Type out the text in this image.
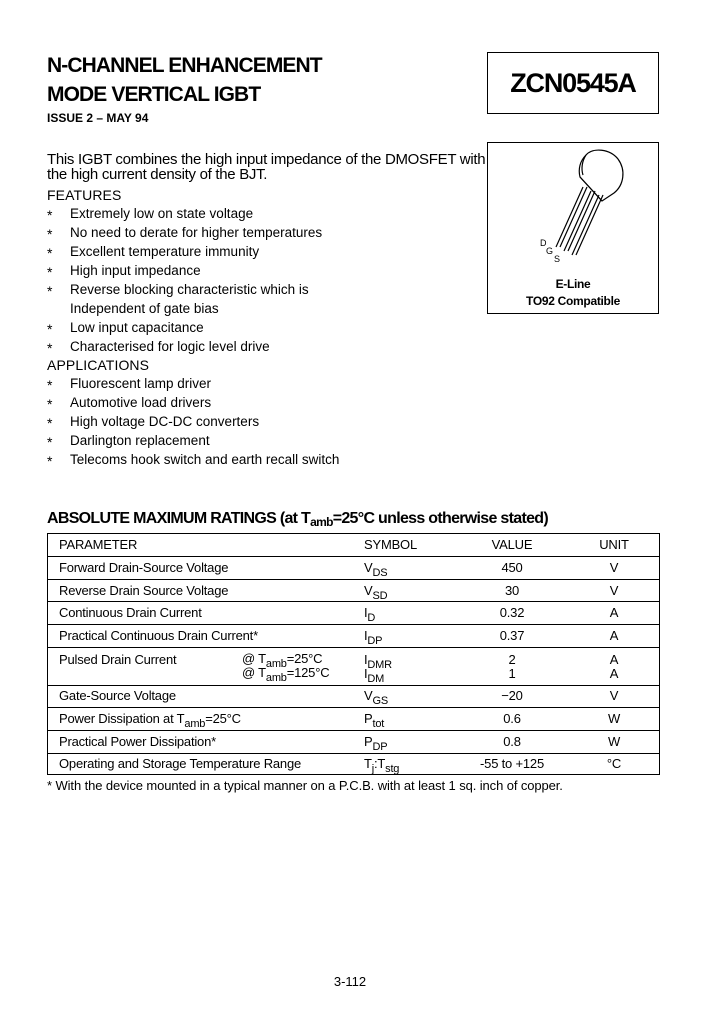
N-CHANNEL ENHANCEMENT
MODE VERTICAL IGBT
ISSUE 2 – MAY 94
ZCN0545A
D
G
S
E-Line
TO92 Compatible
This IGBT combines the high input impedance of the DMOSFET with the high current density of the BJT.
FEATURES
* Extremely low on state voltage
* No need to derate for higher temperatures
* Excellent temperature immunity
* High input impedance
* Reverse blocking characteristic which is
Independent of gate bias
* Low input capacitance
* Characterised for logic level drive
APPLICATIONS
* Fluorescent lamp driver
* Automotive load drivers
* High voltage DC-DC converters
* Darlington replacement
* Telecoms hook switch and earth recall switch
ABSOLUTE MAXIMUM RATINGS (at $T_{amb}=25^\circ C$ unless otherwise stated)
PARAMETER	SYMBOL	VALUE	UNIT
Forward Drain-Source Voltage	$V_{DS}$	450	V
Reverse Drain Source Voltage	$V_{SD}$	30	V
Continuous Drain Current	$I_D$	0.32	A
Practical Continuous Drain Current*	$I_{DP}$	0.37	A
Pulsed Drain Current	@ $T_{amb}=25^\circ C$	$I_{DMR}$	2	A
@ $T_{amb}=125^\circ C$	$I_{DM}$	1	A
Gate-Source Voltage	$V_{GS}$	−20	V
Power Dissipation at $T_{amb}=25^\circ C$	$P_{tot}$	0.6	W
Practical Power Dissipation*	$P_{DP}$	0.8	W
Operating and Storage Temperature Range	$T_j:T_{stg}$	-55 to +125	°C
* With the device mounted in a typical manner on a P.C.B. with at least 1 sq. inch of copper.
3-112
